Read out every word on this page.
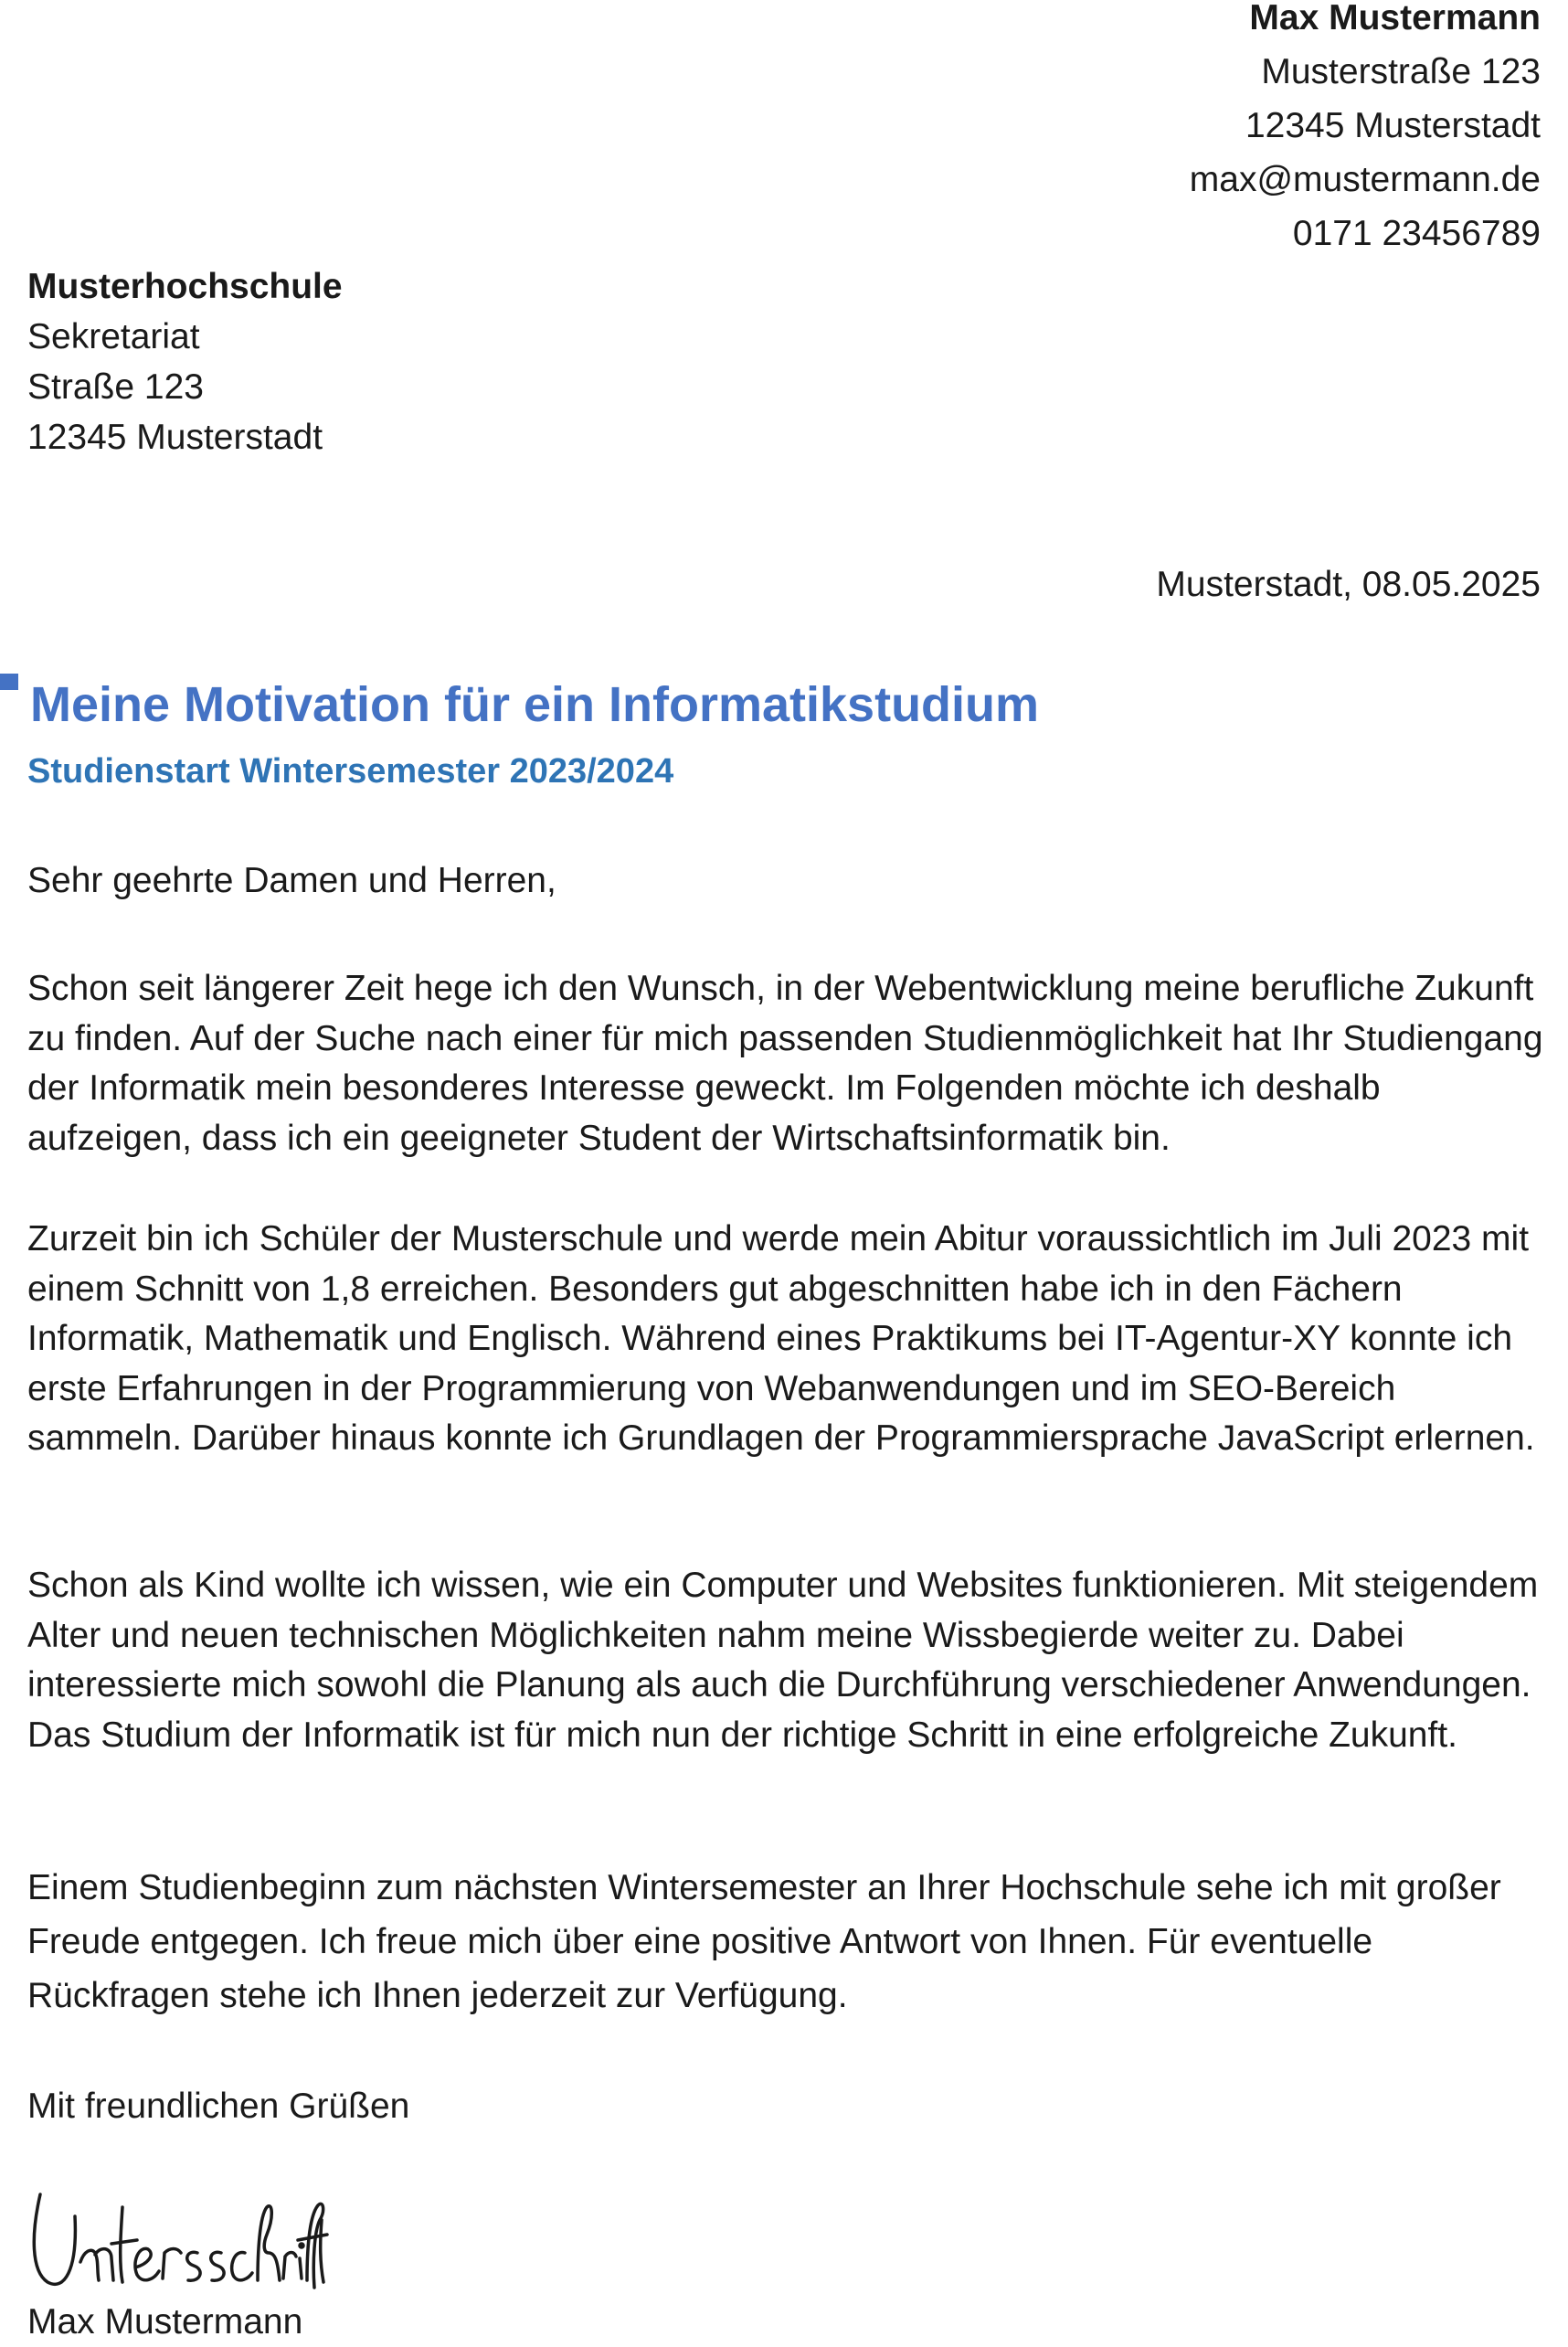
Max Mustermann
Musterstraße 123
12345 Musterstadt
max@mustermann.de
0171 23456789
Musterhochschule
Sekretariat
Straße 123
12345 Musterstadt
Musterstadt, 08.05.2025
Meine Motivation für ein Informatikstudium
Studienstart Wintersemester 2023/2024
Sehr geehrte Damen und Herren,
Schon seit längerer Zeit hege ich den Wunsch, in der Webentwicklung meine berufliche Zukunft zu finden. Auf der Suche nach einer für mich passenden Studienmöglichkeit hat Ihr Studiengang der Informatik mein besonderes Interesse geweckt. Im Folgenden möchte ich deshalb aufzeigen, dass ich ein geeigneter Student der Wirtschaftsinformatik bin.
Zurzeit bin ich Schüler der Musterschule und werde mein Abitur voraussichtlich im Juli 2023 mit einem Schnitt von 1,8 erreichen. Besonders gut abgeschnitten habe ich in den Fächern Informatik, Mathematik und Englisch. Während eines Praktikums bei IT-Agentur-XY konnte ich erste Erfahrungen in der Programmierung von Webanwendungen und im SEO-Bereich sammeln. Darüber hinaus konnte ich Grundlagen der Programmiersprache JavaScript erlernen.
Schon als Kind wollte ich wissen, wie ein Computer und Websites funktionieren. Mit steigendem Alter und neuen technischen Möglichkeiten nahm meine Wissbegierde weiter zu. Dabei interessierte mich sowohl die Planung als auch die Durchführung verschiedener Anwendungen. Das Studium der Informatik ist für mich nun der richtige Schritt in eine erfolgreiche Zukunft.
Einem Studienbeginn zum nächsten Wintersemester an Ihrer Hochschule sehe ich mit großer Freude entgegen. Ich freue mich über eine positive Antwort von Ihnen. Für eventuelle Rückfragen stehe ich Ihnen jederzeit zur Verfügung.
Mit freundlichen Grüßen
Max Mustermann
